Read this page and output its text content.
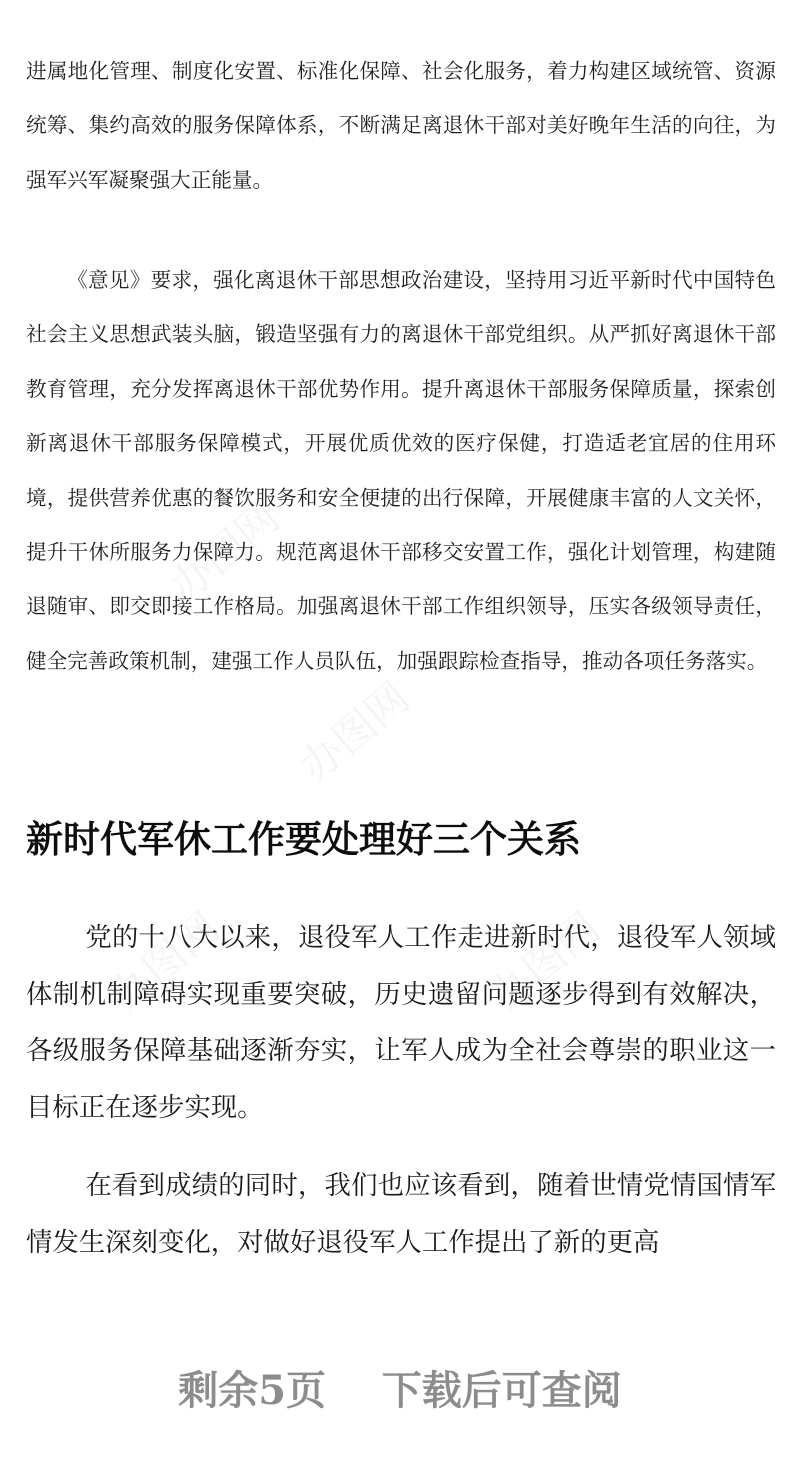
进属地化管理、制度化安置、标准化保障、社会化服务，着力构建区域统管、资源统筹、集约高效的服务保障体系，不断满足离退休干部对美好晚年生活的向往，为强军兴军凝聚强大正能量。

《意见》要求，强化离退休干部思想政治建设，坚持用习近平新时代中国特色社会主义思想武装头脑，锻造坚强有力的离退休干部党组织。从严抓好离退休干部教育管理，充分发挥离退休干部优势作用。提升离退休干部服务保障质量，探索创新离退休干部服务保障模式，开展优质优效的医疗保健，打造适老宜居的住用环境，提供营养优惠的餐饮服务和安全便捷的出行保障，开展健康丰富的人文关怀，提升干休所服务力保障力。规范离退休干部移交安置工作，强化计划管理，构建随退随审、即交即接工作格局。加强离退休干部工作组织领导，压实各级领导责任，健全完善政策机制，建强工作人员队伍，加强跟踪检查指导，推动各项任务落实。

新时代军休工作要处理好三个关系

党的十八大以来，退役军人工作走进新时代，退役军人领域体制机制障碍实现重要突破，历史遗留问题逐步得到有效解决，各级服务保障基础逐渐夯实，让军人成为全社会尊崇的职业这一目标正在逐步实现。

在看到成绩的同时，我们也应该看到，随着世情党情国情军情发生深刻变化，对做好退役军人工作提出了新的更高

剩余5页 下载后可查阅
